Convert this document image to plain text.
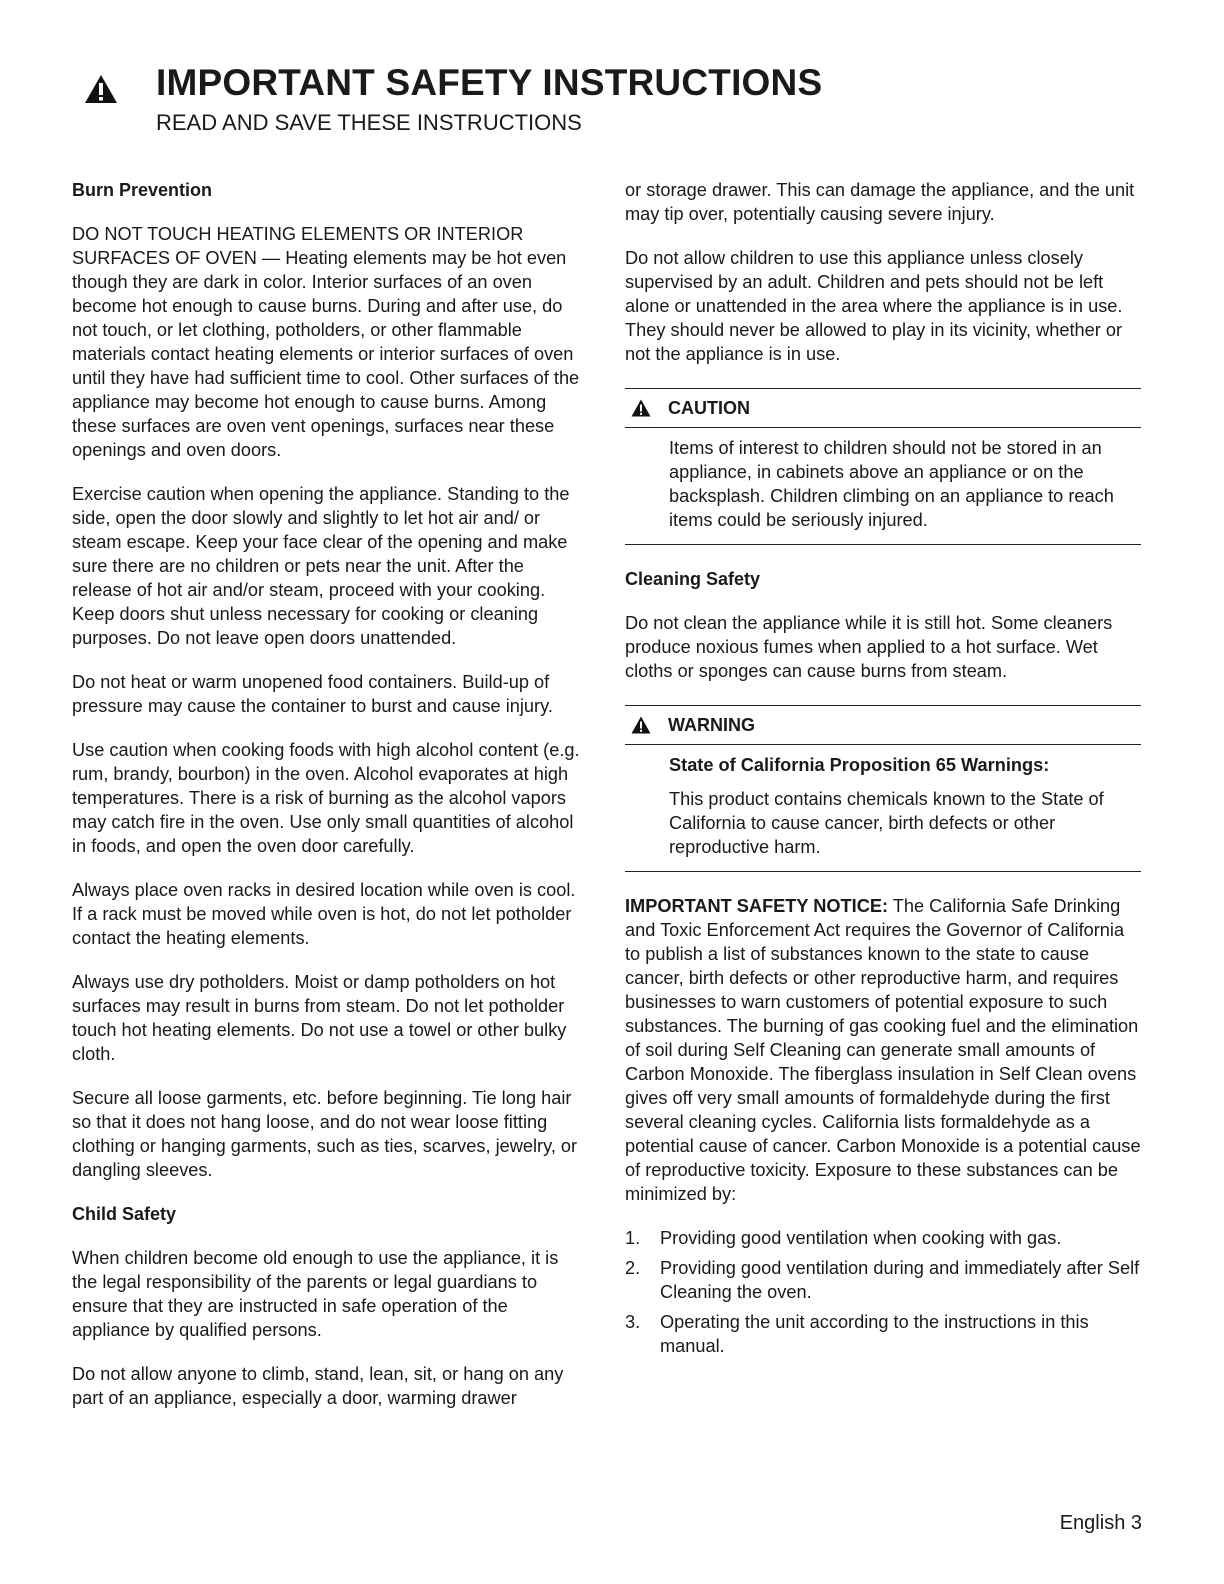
IMPORTANT SAFETY INSTRUCTIONS
READ AND SAVE THESE INSTRUCTIONS
Burn Prevention

DO NOT TOUCH HEATING ELEMENTS OR INTERIOR SURFACES OF OVEN — Heating elements may be hot even though they are dark in color. Interior surfaces of an oven become hot enough to cause burns. During and after use, do not touch, or let clothing, potholders, or other flammable materials contact heating elements or interior surfaces of oven until they have had sufficient time to cool. Other surfaces of the appliance may become hot enough to cause burns. Among these surfaces are oven vent openings, surfaces near these openings and oven doors.

Exercise caution when opening the appliance. Standing to the side, open the door slowly and slightly to let hot air and/ or steam escape. Keep your face clear of the opening and make sure there are no children or pets near the unit. After the release of hot air and/or steam, proceed with your cooking. Keep doors shut unless necessary for cooking or cleaning purposes. Do not leave open doors unattended.

Do not heat or warm unopened food containers. Build-up of pressure may cause the container to burst and cause injury.

Use caution when cooking foods with high alcohol content (e.g. rum, brandy, bourbon) in the oven. Alcohol evaporates at high temperatures. There is a risk of burning as the alcohol vapors may catch fire in the oven. Use only small quantities of alcohol in foods, and open the oven door carefully.

Always place oven racks in desired location while oven is cool. If a rack must be moved while oven is hot, do not let potholder contact the heating elements.

Always use dry potholders. Moist or damp potholders on hot surfaces may result in burns from steam. Do not let potholder touch hot heating elements. Do not use a towel or other bulky cloth.

Secure all loose garments, etc. before beginning. Tie long hair so that it does not hang loose, and do not wear loose fitting clothing or hanging garments, such as ties, scarves, jewelry, or dangling sleeves.

Child Safety

When children become old enough to use the appliance, it is the legal responsibility of the parents or legal guardians to ensure that they are instructed in safe operation of the appliance by qualified persons.

Do not allow anyone to climb, stand, lean, sit, or hang on any part of an appliance, especially a door, warming drawer

or storage drawer. This can damage the appliance, and the unit may tip over, potentially causing severe injury.

Do not allow children to use this appliance unless closely supervised by an adult. Children and pets should not be left alone or unattended in the area where the appliance is in use. They should never be allowed to play in its vicinity, whether or not the appliance is in use.

CAUTION

Items of interest to children should not be stored in an appliance, in cabinets above an appliance or on the backsplash. Children climbing on an appliance to reach items could be seriously injured.

Cleaning Safety

Do not clean the appliance while it is still hot. Some cleaners produce noxious fumes when applied to a hot surface. Wet cloths or sponges can cause burns from steam.

WARNING

State of California Proposition 65 Warnings:

This product contains chemicals known to the State of California to cause cancer, birth defects or other reproductive harm.

IMPORTANT SAFETY NOTICE: The California Safe Drinking and Toxic Enforcement Act requires the Governor of California to publish a list of substances known to the state to cause cancer, birth defects or other reproductive harm, and requires businesses to warn customers of potential exposure to such substances. The burning of gas cooking fuel and the elimination of soil during Self Cleaning can generate small amounts of Carbon Monoxide. The fiberglass insulation in Self Clean ovens gives off very small amounts of formaldehyde during the first several cleaning cycles. California lists formaldehyde as a potential cause of cancer. Carbon Monoxide is a potential cause of reproductive toxicity. Exposure to these substances can be minimized by:

1. Providing good ventilation when cooking with gas.
2. Providing good ventilation during and immediately after Self Cleaning the oven.
3. Operating the unit according to the instructions in this manual.
English 3
